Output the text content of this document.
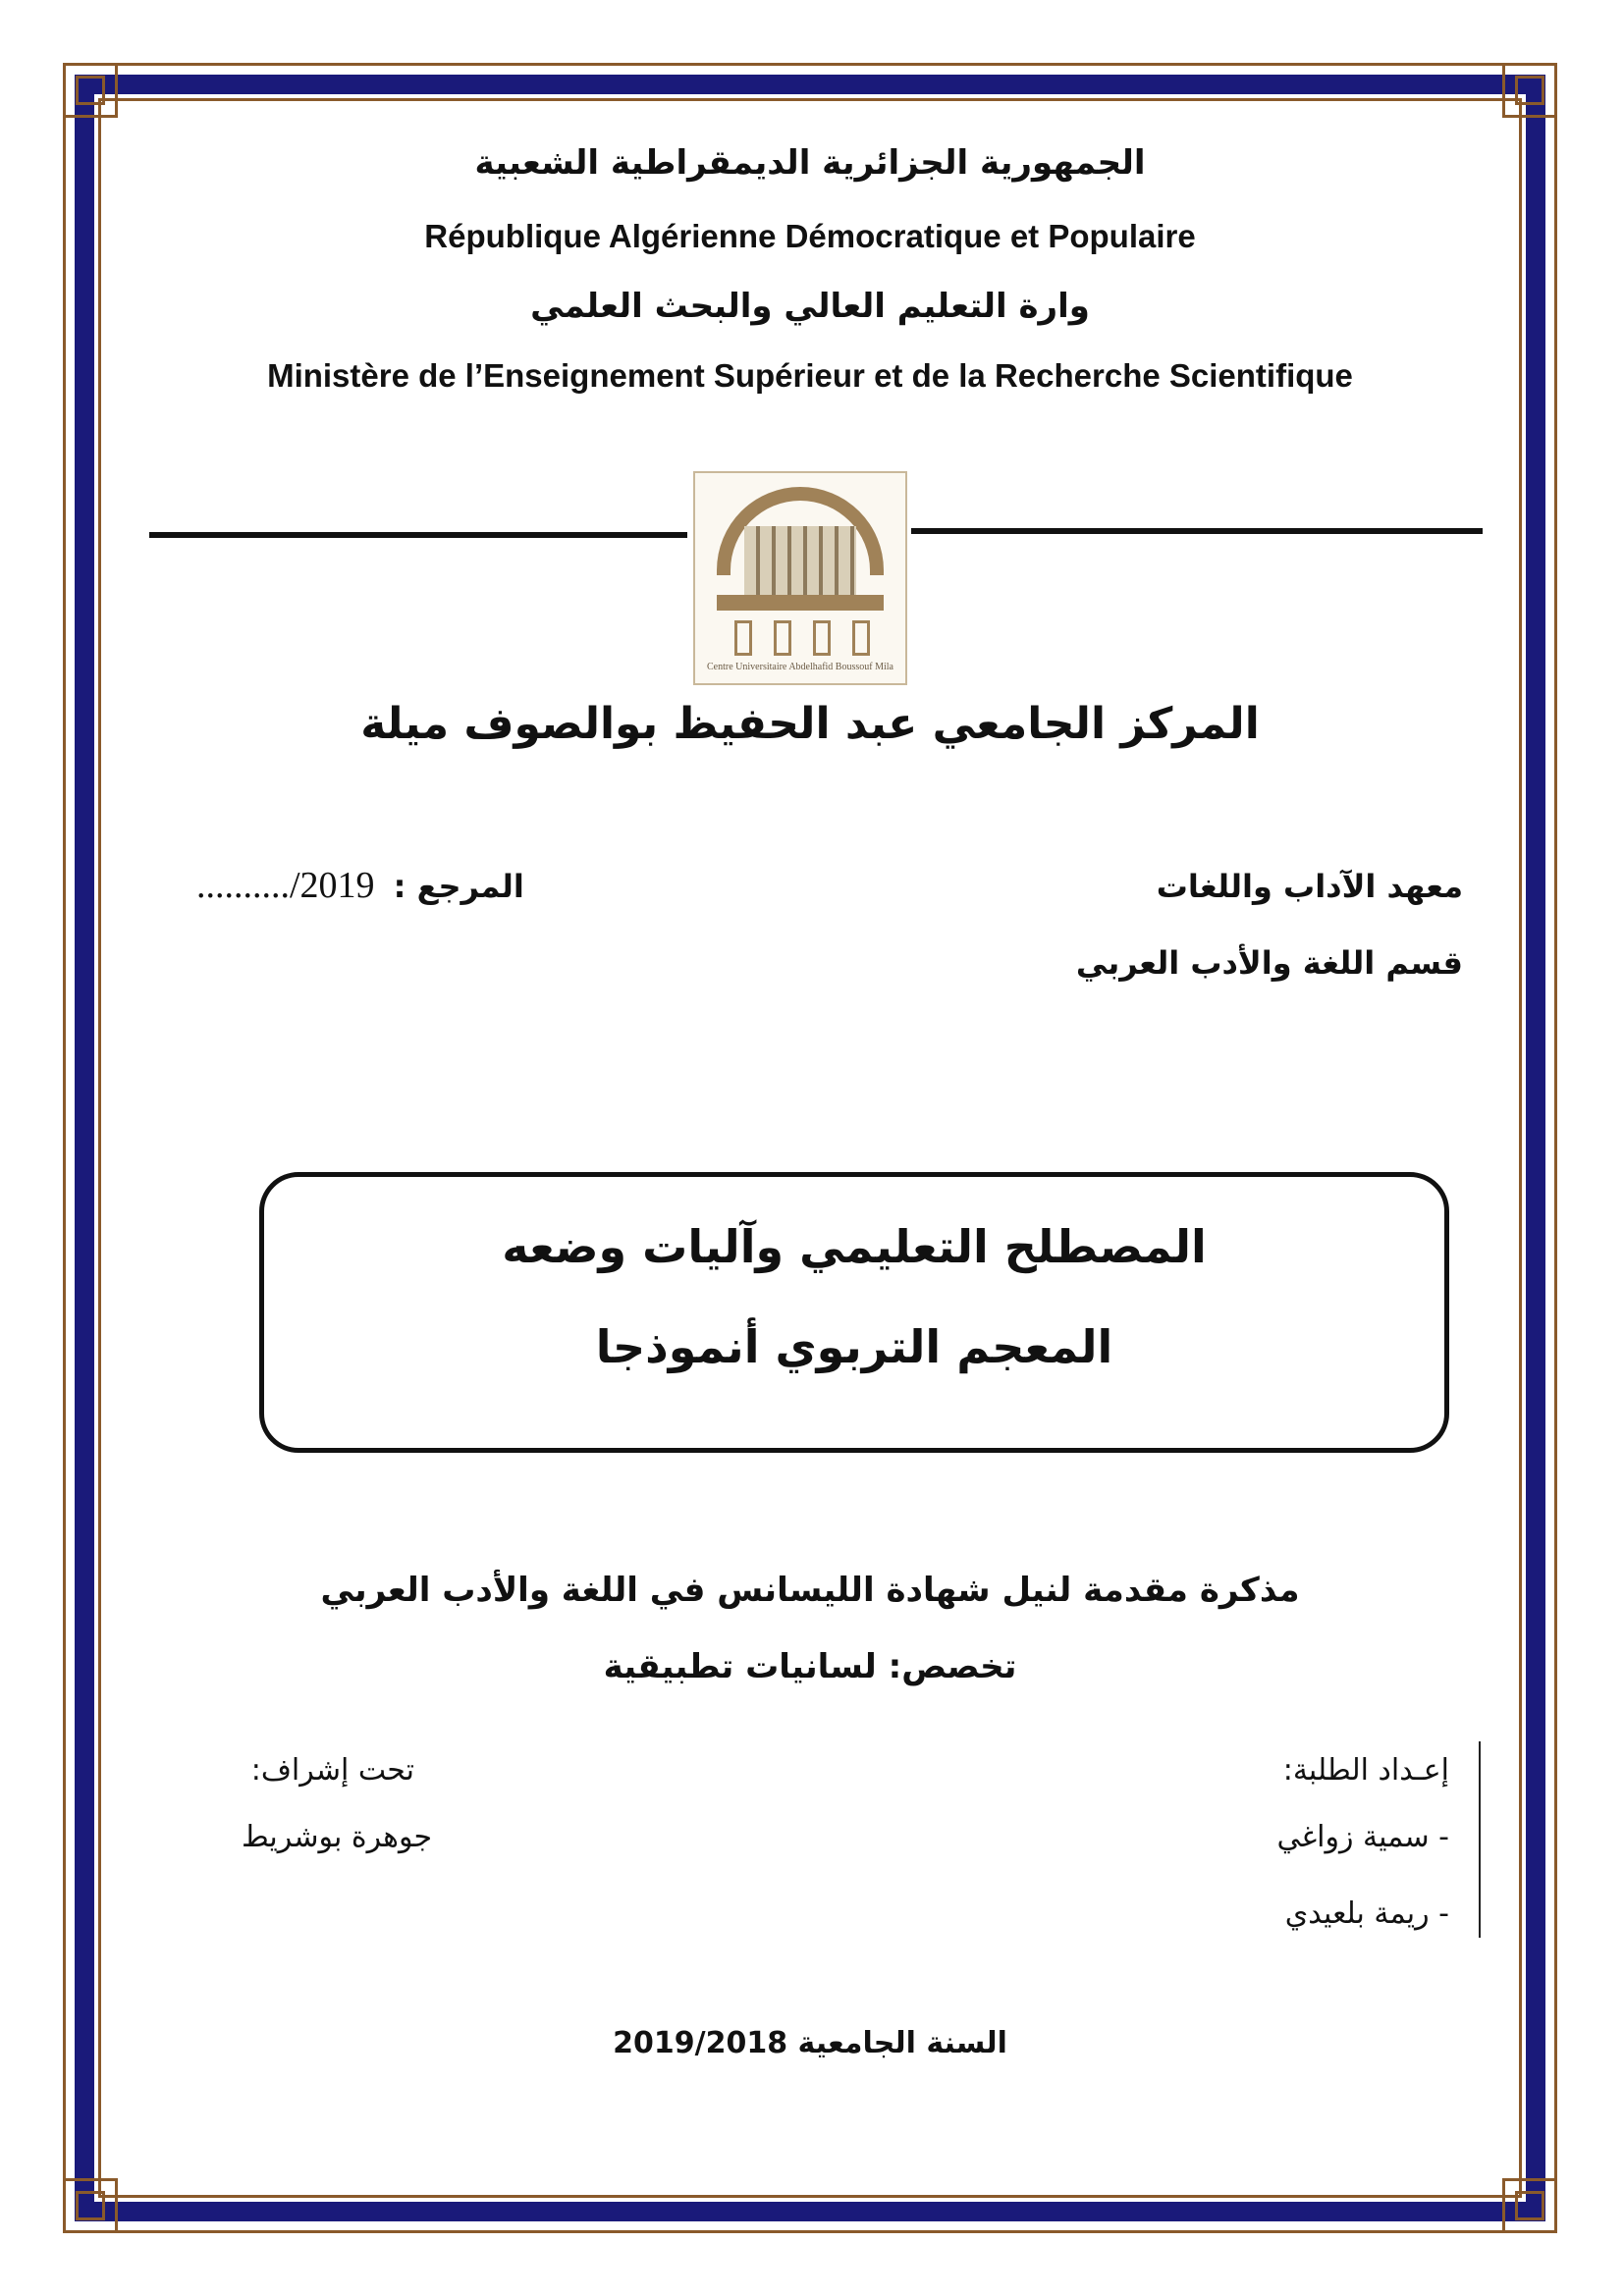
الجمهورية الجزائرية الديمقراطية الشعبية
République Algérienne Démocratique et Populaire
وارة التعليم العالي والبحث العلمي
Ministère de l’Enseignement Supérieur et de la Recherche Scientifique
Centre Universitaire Abdelhafid Boussouf Mila
المركز الجامعي عبد الحفيظ بوالصوف ميلة
معهد الآداب واللغات
قسم اللغة والأدب العربي
........../2019 المرجع :
المصطلح التعليمي وآليات وضعه
المعجم التربوي أنموذجا
مذكرة مقدمة لنيل شهادة الليسانس في اللغة والأدب العربي
تخصص: لسانيات تطبيقية
إعـداد الطلبة:
- سمية زواغي
- ريمة بلعيدي
تحت إشراف:
جوهرة بوشريط
السنة الجامعية 2019/2018
